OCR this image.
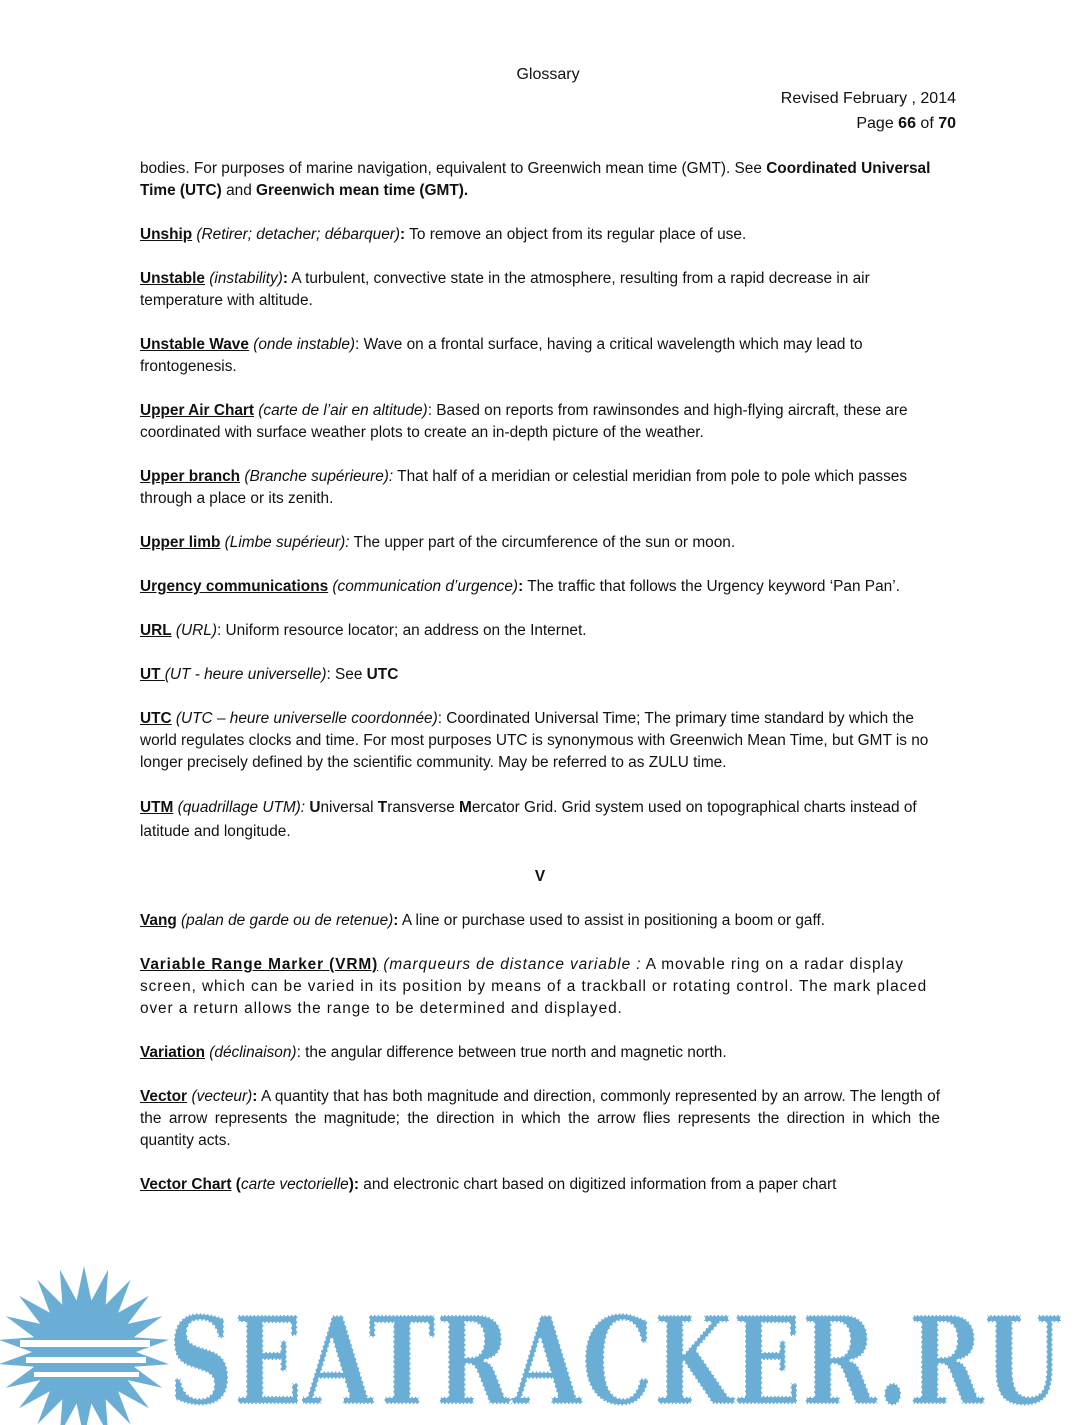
Glossary
Revised February , 2014
Page 66 of 70

bodies. For purposes of marine navigation, equivalent to Greenwich mean time (GMT). See Coordinated Universal Time (UTC) and Greenwich mean time (GMT).

Unship (Retirer; detacher; débarquer): To remove an object from its regular place of use.

Unstable (instability): A turbulent, convective state in the atmosphere, resulting from a rapid decrease in air temperature with altitude.

Unstable Wave (onde instable): Wave on a frontal surface, having a critical wavelength which may lead to frontogenesis.

Upper Air Chart (carte de l’air en altitude): Based on reports from rawinsondes and high-flying aircraft, these are coordinated with surface weather plots to create an in-depth picture of the weather.

Upper branch (Branche supérieure): That half of a meridian or celestial meridian from pole to pole which passes through a place or its zenith.

Upper limb (Limbe supérieur): The upper part of the circumference of the sun or moon.

Urgency communications (communication d’urgence): The traffic that follows the Urgency keyword ‘Pan Pan’.

URL (URL): Uniform resource locator; an address on the Internet.

UT (UT - heure universelle): See UTC

UTC (UTC – heure universelle coordonnée): Coordinated Universal Time; The primary time standard by which the world regulates clocks and time. For most purposes UTC is synonymous with Greenwich Mean Time, but GMT is no longer precisely defined by the scientific community. May be referred to as ZULU time.

UTM (quadrillage UTM): Universal Transverse Mercator Grid. Grid system used on topographical charts instead of latitude and longitude.

V

Vang (palan de garde ou de retenue): A line or purchase used to assist in positioning a boom or gaff.

Variable Range Marker (VRM) (marqueurs de distance variable : A movable ring on a radar display screen, which can be varied in its position by means of a trackball or rotating control. The mark placed over a return allows the range to be determined and displayed.

Variation (déclinaison): the angular difference between true north and magnetic north.

Vector (vecteur): A quantity that has both magnitude and direction, commonly represented by an arrow. The length of the arrow represents the magnitude; the direction in which the arrow flies represents the direction in which the quantity acts.

Vector Chart (carte vectorielle): and electronic chart based on digitized information from a paper chart

SEATRACKER.RU
